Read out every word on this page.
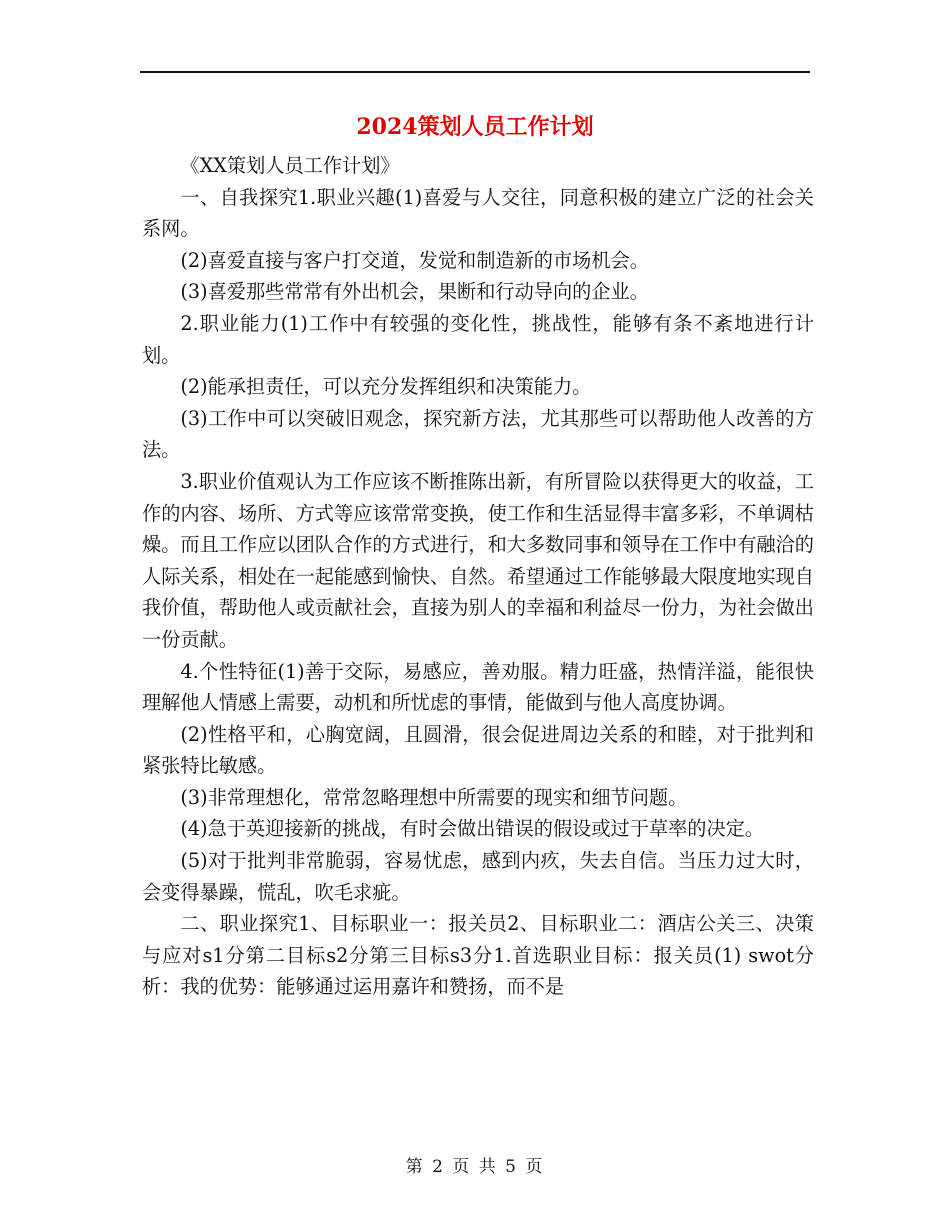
2024策划人员工作计划

《XX策划人员工作计划》

一、自我探究1.职业兴趣(1)喜爱与人交往，同意积极的建立广泛的社会关系网。

(2)喜爱直接与客户打交道，发觉和制造新的市场机会。

(3)喜爱那些常常有外出机会，果断和行动导向的企业。

2.职业能力(1)工作中有较强的变化性，挑战性，能够有条不紊地进行计划。

(2)能承担责任，可以充分发挥组织和决策能力。

(3)工作中可以突破旧观念，探究新方法，尤其那些可以帮助他人改善的方法。

3.职业价值观认为工作应该不断推陈出新，有所冒险以获得更大的收益，工作的内容、场所、方式等应该常常变换，使工作和生活显得丰富多彩，不单调枯燥。而且工作应以团队合作的方式进行，和大多数同事和领导在工作中有融洽的人际关系，相处在一起能感到愉快、自然。希望通过工作能够最大限度地实现自我价值，帮助他人或贡献社会，直接为别人的幸福和利益尽一份力，为社会做出一份贡献。

4.个性特征(1)善于交际，易感应，善劝服。精力旺盛，热情洋溢，能很快理解他人情感上需要，动机和所忧虑的事情，能做到与他人高度协调。

(2)性格平和，心胸宽阔，且圆滑，很会促进周边关系的和睦，对于批判和紧张特比敏感。

(3)非常理想化，常常忽略理想中所需要的现实和细节问题。

(4)急于英迎接新的挑战，有时会做出错误的假设或过于草率的决定。

(5)对于批判非常脆弱，容易忧虑，感到内疚，失去自信。当压力过大时，会变得暴躁，慌乱，吹毛求疵。

二、职业探究1、目标职业一：报关员2、目标职业二：酒店公关三、决策与应对s1分第二目标s2分第三目标s3分1.首选职业目标：报关员(1) swot分析：我的优势：能够通过运用嘉许和赞扬，而不是

第 2 页 共 5 页
